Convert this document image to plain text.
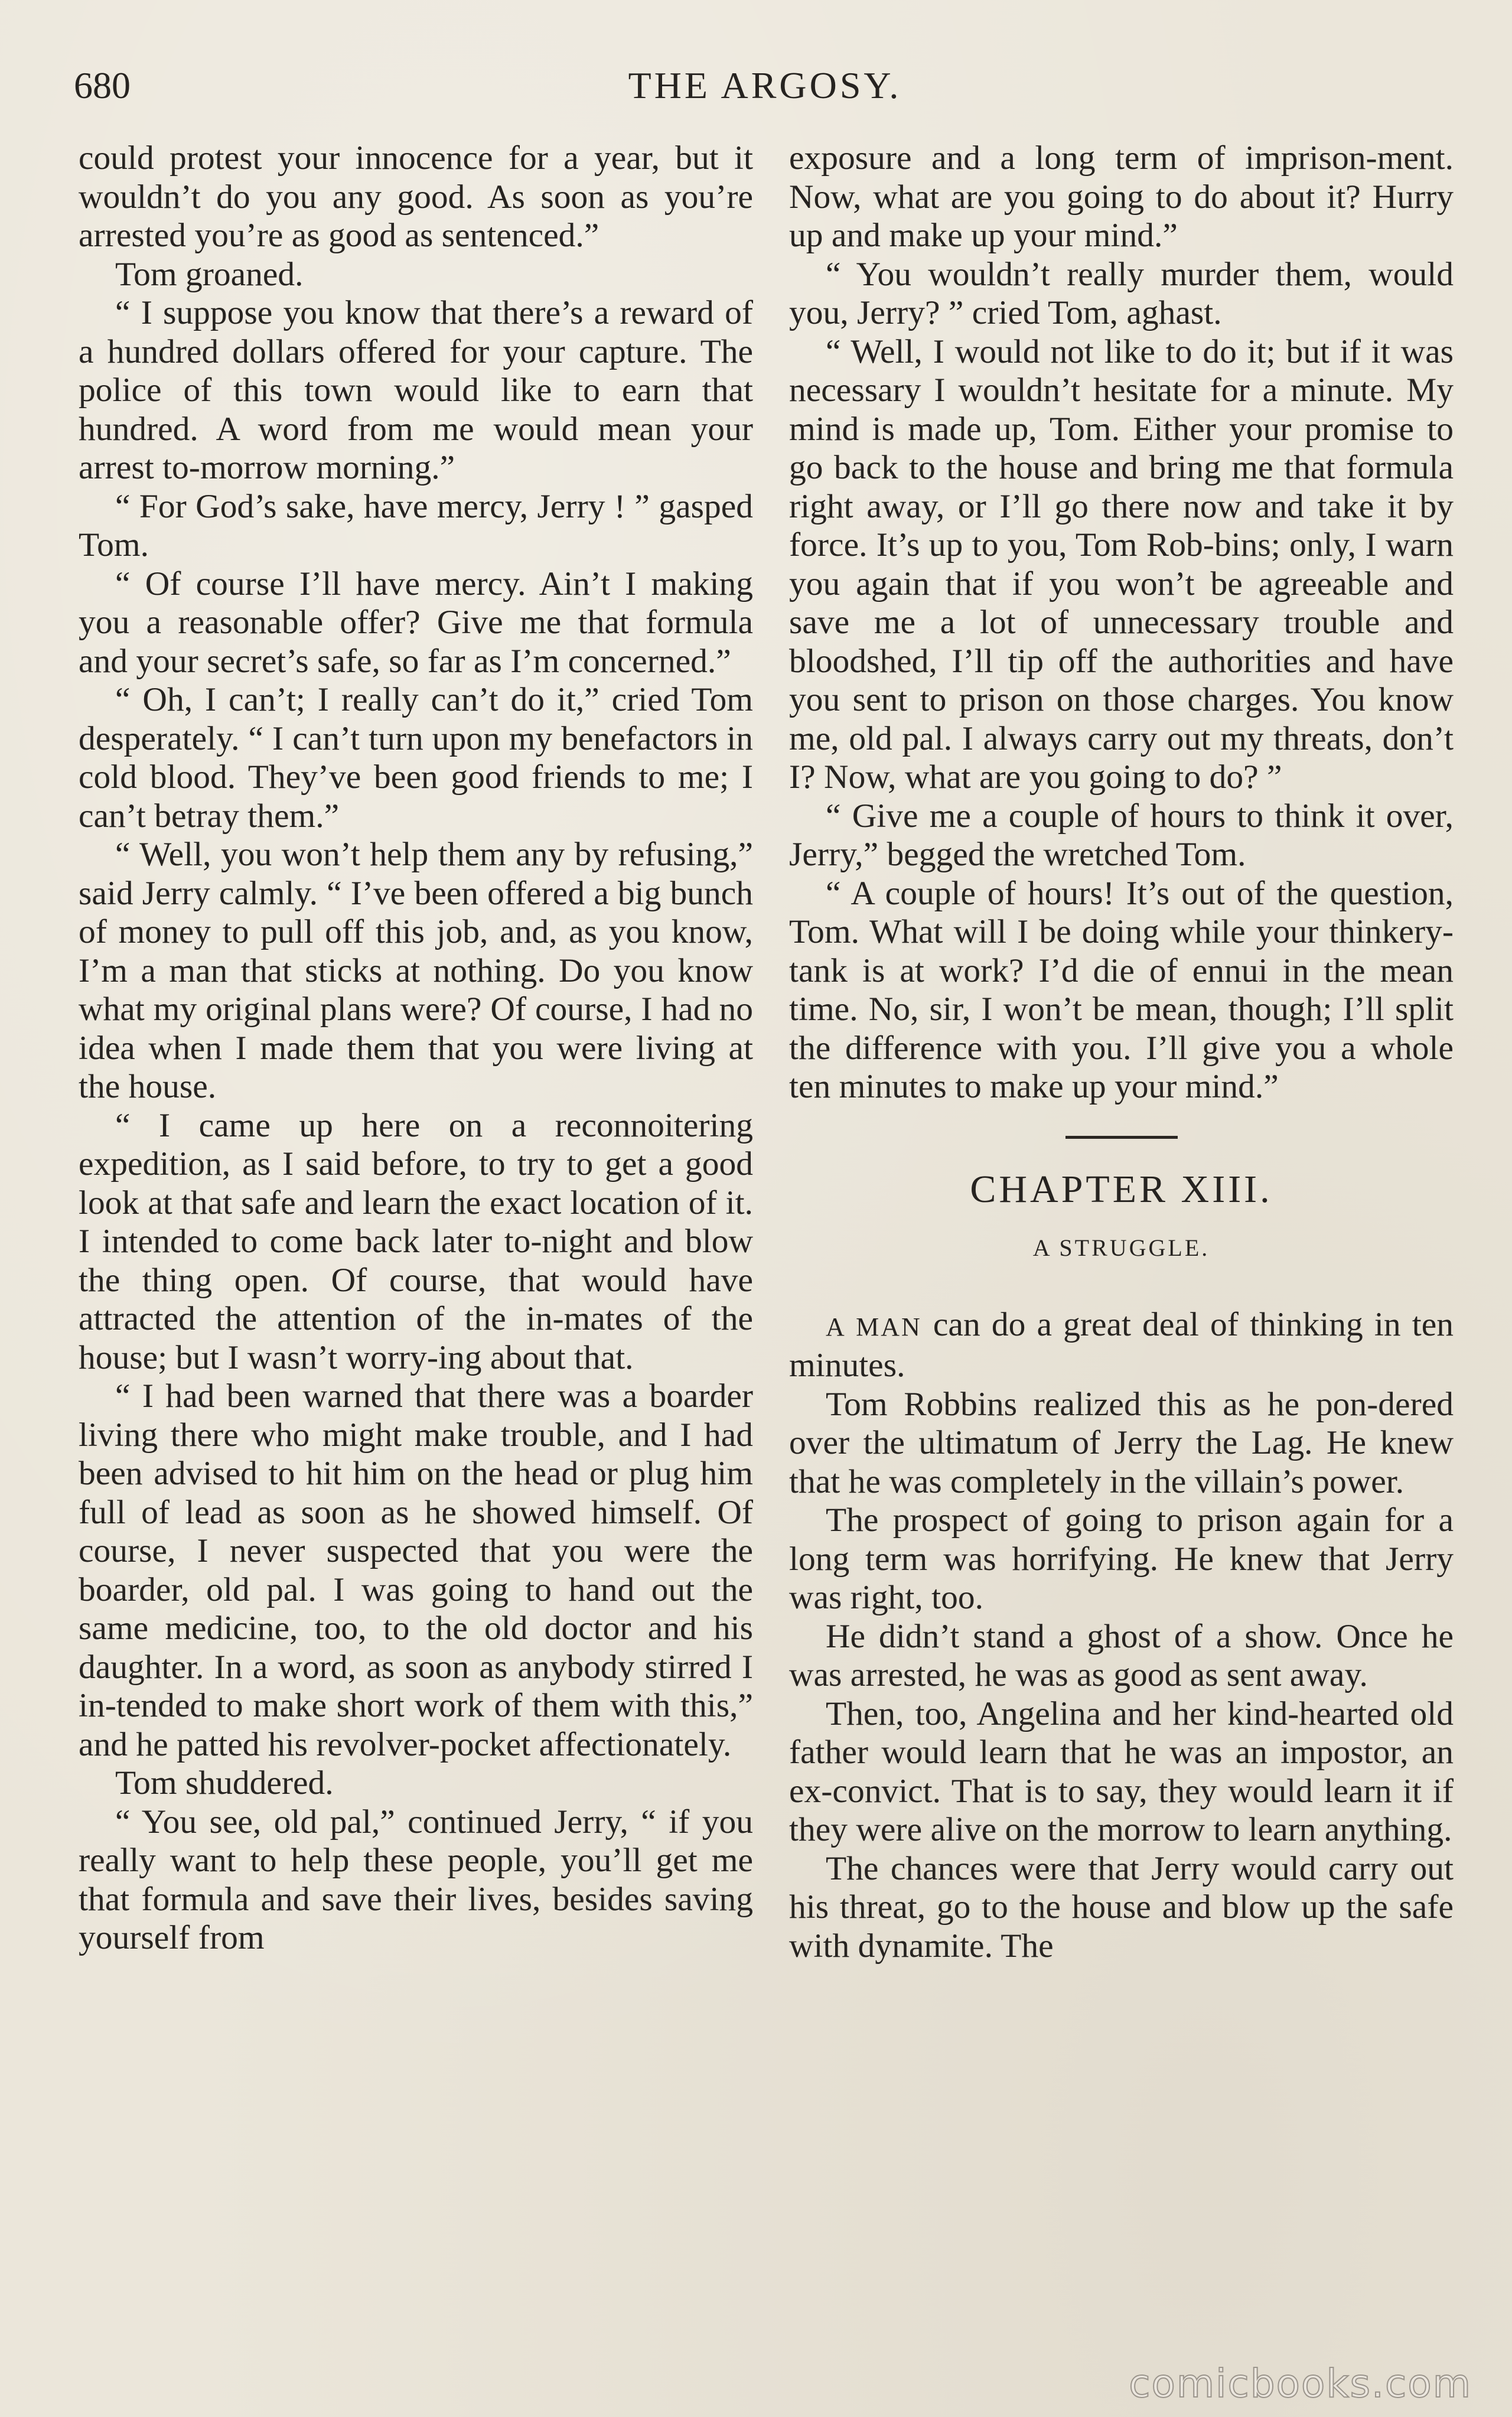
680	THE ARGOSY.

could protest your innocence for a year, but it wouldn’t do you any good. As soon as you’re arrested you’re as good as sentenced.”

Tom groaned.

“ I suppose you know that there’s a reward of a hundred dollars offered for your capture. The police of this town would like to earn that hundred. A word from me would mean your arrest to-morrow morning.”

“ For God’s sake, have mercy, Jerry ! ” gasped Tom.

“ Of course I’ll have mercy. Ain’t I making you a reasonable offer? Give me that formula and your secret’s safe, so far as I’m concerned.”

“ Oh, I can’t; I really can’t do it,” cried Tom desperately. “ I can’t turn upon my benefactors in cold blood. They’ve been good friends to me; I can’t betray them.”

“ Well, you won’t help them any by refusing,” said Jerry calmly. “ I’ve been offered a big bunch of money to pull off this job, and, as you know, I’m a man that sticks at nothing. Do you know what my original plans were? Of course, I had no idea when I made them that you were living at the house.

“ I came up here on a reconnoitering expedition, as I said before, to try to get a good look at that safe and learn the exact location of it. I intended to come back later to-night and blow the thing open. Of course, that would have attracted the attention of the in-mates of the house; but I wasn’t worry-ing about that.

“ I had been warned that there was a boarder living there who might make trouble, and I had been advised to hit him on the head or plug him full of lead as soon as he showed himself. Of course, I never suspected that you were the boarder, old pal. I was going to hand out the same medicine, too, to the old doctor and his daughter. In a word, as soon as anybody stirred I in-tended to make short work of them with this,” and he patted his revolver-pocket affectionately.

Tom shuddered.

“ You see, old pal,” continued Jerry, “ if you really want to help these people, you’ll get me that formula and save their lives, besides saving yourself from

exposure and a long term of imprison-ment. Now, what are you going to do about it? Hurry up and make up your mind.”

“ You wouldn’t really murder them, would you, Jerry? ” cried Tom, aghast.

“ Well, I would not like to do it; but if it was necessary I wouldn’t hesitate for a minute. My mind is made up, Tom. Either your promise to go back to the house and bring me that formula right away, or I’ll go there now and take it by force. It’s up to you, Tom Rob-bins; only, I warn you again that if you won’t be agreeable and save me a lot of unnecessary trouble and bloodshed, I’ll tip off the authorities and have you sent to prison on those charges. You know me, old pal. I always carry out my threats, don’t I? Now, what are you going to do? ”

“ Give me a couple of hours to think it over, Jerry,” begged the wretched Tom.

“ A couple of hours! It’s out of the question, Tom. What will I be doing while your thinkery-tank is at work? I’d die of ennui in the mean time. No, sir, I won’t be mean, though; I’ll split the difference with you. I’ll give you a whole ten minutes to make up your mind.”

CHAPTER XIII.
A STRUGGLE.

A MAN can do a great deal of thinking in ten minutes.

Tom Robbins realized this as he pon-dered over the ultimatum of Jerry the Lag. He knew that he was completely in the villain’s power.

The prospect of going to prison again for a long term was horrifying. He knew that Jerry was right, too.

He didn’t stand a ghost of a show. Once he was arrested, he was as good as sent away.

Then, too, Angelina and her kind-hearted old father would learn that he was an impostor, an ex-convict. That is to say, they would learn it if they were alive on the morrow to learn anything.

The chances were that Jerry would carry out his threat, go to the house and blow up the safe with dynamite. The

comicbooks.com
